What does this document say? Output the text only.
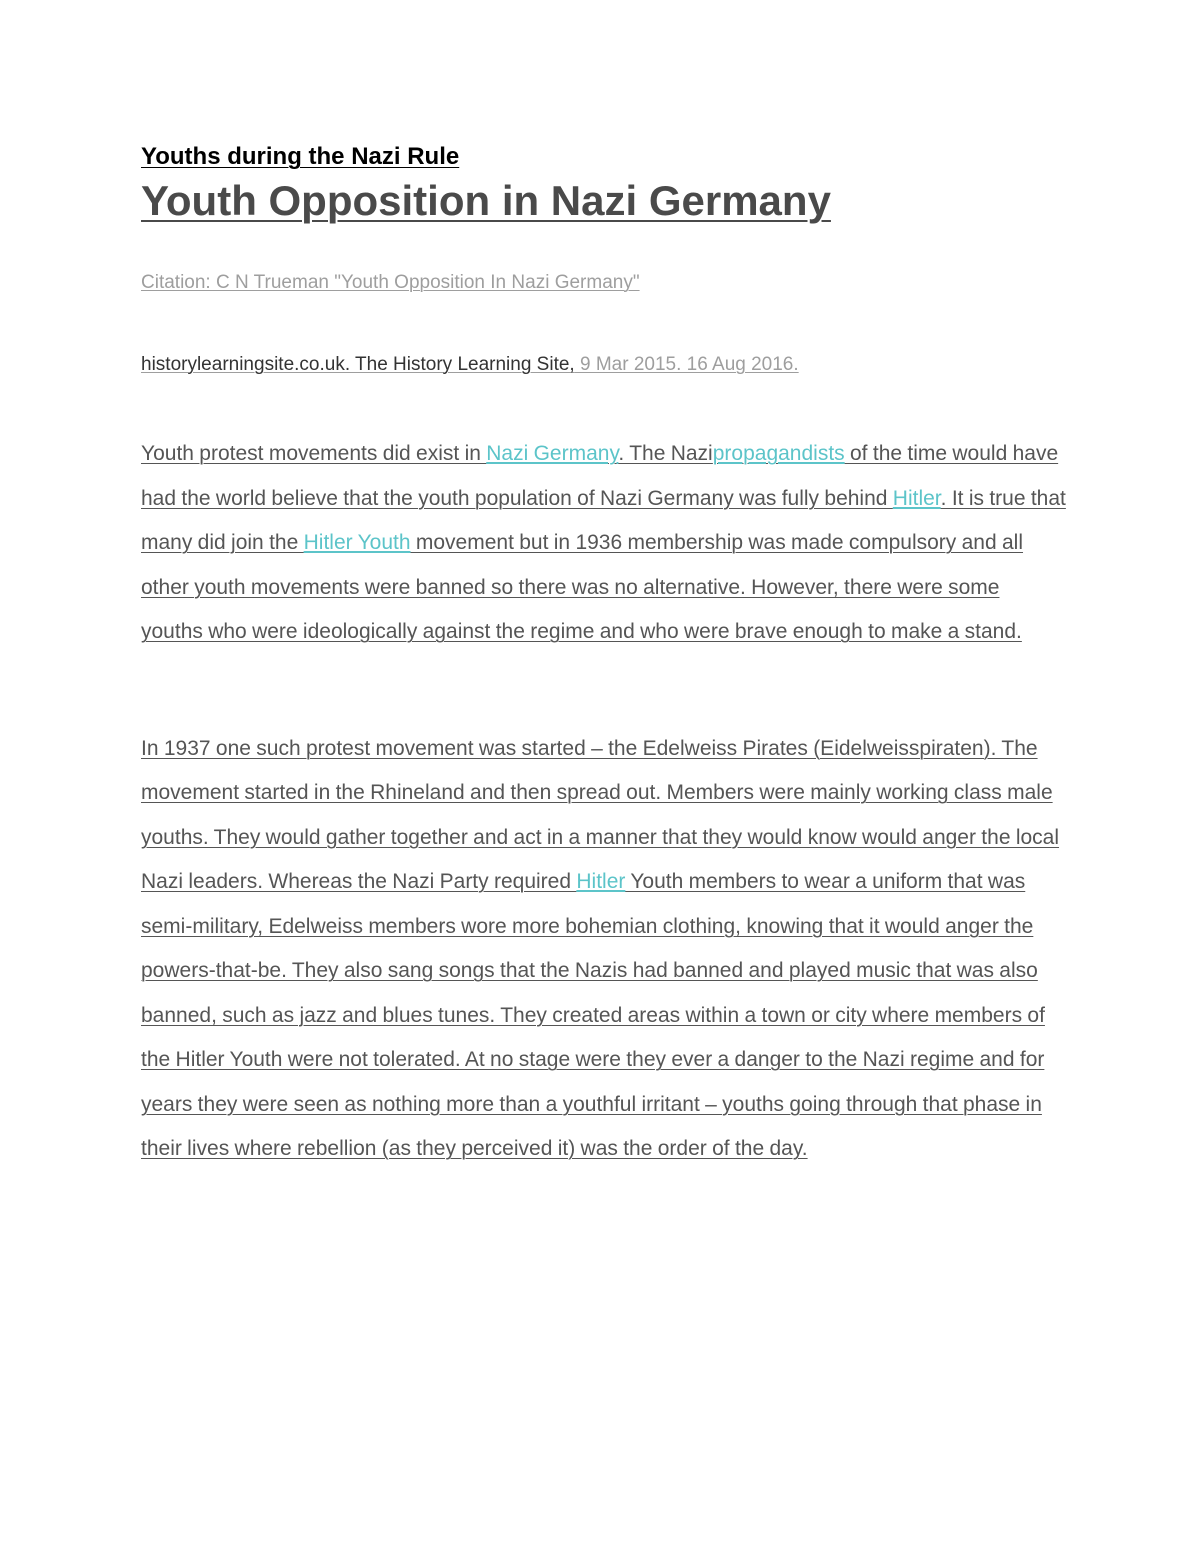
Youths during the Nazi Rule
Youth Opposition in Nazi Germany

Citation: C N Trueman "Youth Opposition In Nazi Germany"

historylearningsite.co.uk. The History Learning Site, 9 Mar 2015. 16 Aug 2016.

Youth protest movements did exist in Nazi Germany. The Nazipropagandists of the time would have had the world believe that the youth population of Nazi Germany was fully behind Hitler. It is true that many did join the Hitler Youth movement but in 1936 membership was made compulsory and all other youth movements were banned so there was no alternative. However, there were some youths who were ideologically against the regime and who were brave enough to make a stand.

In 1937 one such protest movement was started – the Edelweiss Pirates (Eidelweisspiraten). The movement started in the Rhineland and then spread out. Members were mainly working class male youths. They would gather together and act in a manner that they would know would anger the local Nazi leaders. Whereas the Nazi Party required Hitler Youth members to wear a uniform that was semi-military, Edelweiss members wore more bohemian clothing, knowing that it would anger the powers-that-be. They also sang songs that the Nazis had banned and played music that was also banned, such as jazz and blues tunes. They created areas within a town or city where members of the Hitler Youth were not tolerated. At no stage were they ever a danger to the Nazi regime and for years they were seen as nothing more than a youthful irritant – youths going through that phase in their lives where rebellion (as they perceived it) was the order of the day.
